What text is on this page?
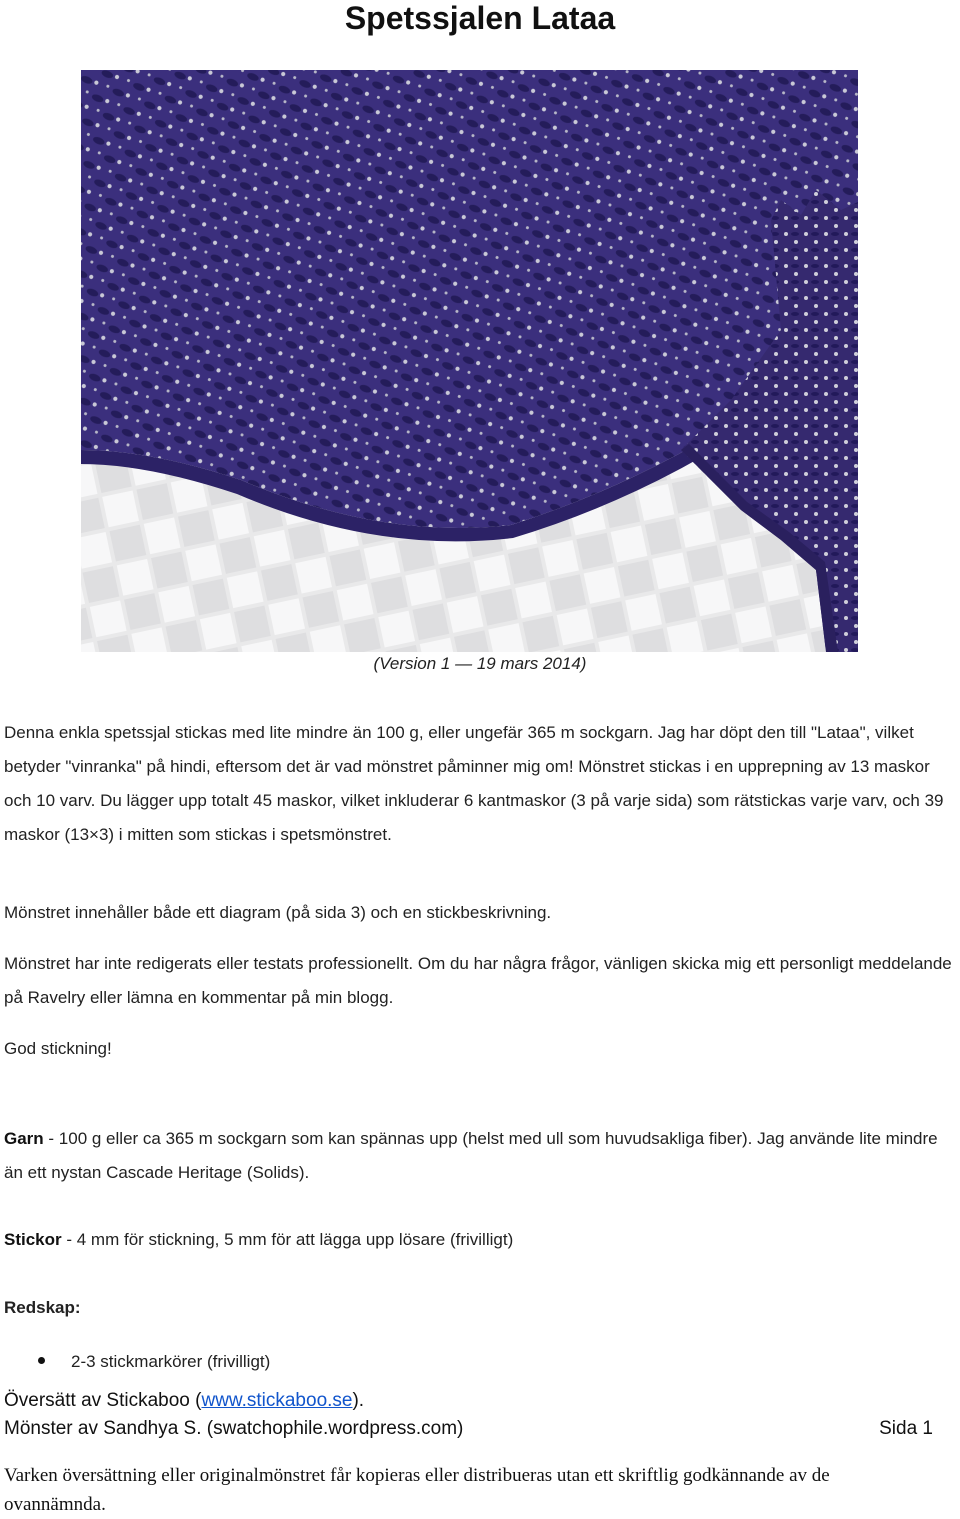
Spetssjalen Lataa
(Version 1 — 19 mars 2014)

Denna enkla spetssjal stickas med lite mindre än 100 g, eller ungefär 365 m sockgarn. Jag har döpt den till "Lataa", vilket betyder "vinranka" på hindi, eftersom det är vad mönstret påminner mig om! Mönstret stickas i en upprepning av 13 maskor och 10 varv. Du lägger upp totalt 45 maskor, vilket inkluderar 6 kantmaskor (3 på varje sida) som rätstickas varje varv, och 39 maskor (13×3) i mitten som stickas i spetsmönstret.

Mönstret innehåller både ett diagram (på sida 3) och en stickbeskrivning.

Mönstret har inte redigerats eller testats professionellt. Om du har några frågor, vänligen skicka mig ett personligt meddelande på Ravelry eller lämna en kommentar på min blogg.

God stickning!

Garn - 100 g eller ca 365 m sockgarn som kan spännas upp (helst med ull som huvudsakliga fiber). Jag använde lite mindre än ett nystan Cascade Heritage (Solids).

Stickor - 4 mm för stickning, 5 mm för att lägga upp lösare (frivilligt)

Redskap:

2-3 stickmarkörer (frivilligt)
Översätt av Stickaboo (www.stickaboo.se).
Mönster av Sandhya S. (swatchophile.wordpress.com)	Sida 1

Varken översättning eller originalmönstret får kopieras eller distribueras utan ett skriftlig godkännande av de ovannämnda.
